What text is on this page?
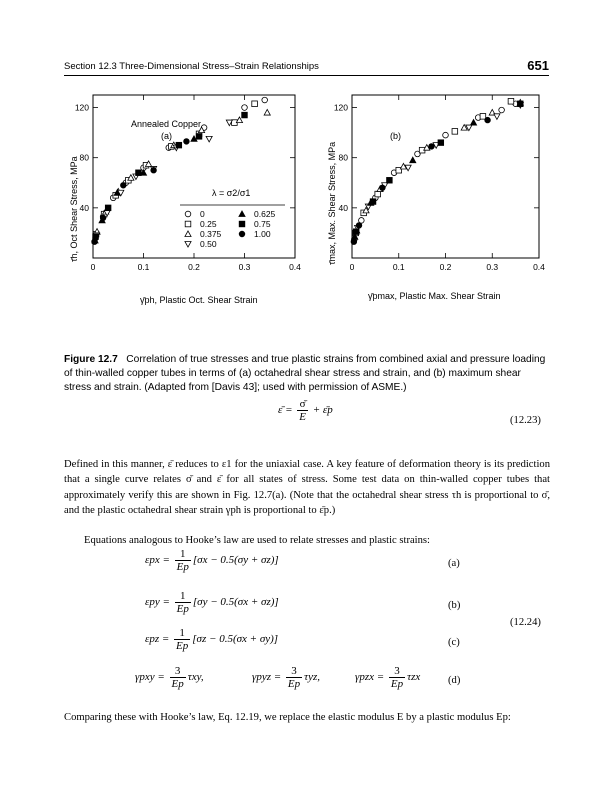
Section 12.3 Three-Dimensional Stress–Strain Relationships	651
0	0.1	0.2	0.3	0.4
40
80
120
Annealed Copper
(a)
γ̄ph, Plastic Oct. Shear Strain
τ̄h, Oct Shear Stress, MPa	λ = σ2/σ1
0
0.25
0.375
0.50
0.625
0.75
1.00
0	0.1	0.2	0.3	0.4
40
80
120
(b)
γ̄pmax, Plastic Max. Shear Strain
τ̄max, Max. Shear Stress, MPa
Figure 12.7 Correlation of true stresses and true plastic strains from combined axial and pressure loading of thin-walled copper tubes in terms of (a) octahedral shear stress and strain, and (b) maximum shear stress and strain. (Adapted from [Davis 43]; used with permission of ASME.)
ε̄ = $\frac{\sigmā}{E}$ + ε̄p
(12.23)
Defined in this manner, ε̄ reduces to ε1 for the uniaxial case. A key feature of deformation theory is its prediction that a single curve relates σ̄ and ε̄ for all states of stress. Some test data on thin-walled copper tubes that approximately verify this are shown in Fig. 12.7(a). (Note that the octahedral shear stress τh is proportional to σ̄, and the plastic octahedral shear strain γph is proportional to ε̄p.)
Equations analogous to Hooke’s law are used to relate stresses and plastic strains:
$\varepsilon px = \frac{1}{Ep} [\sigma x - 0.5(\sigma y + \sigma z)]$	(a)
$\varepsilon py = \frac{1}{Ep} [\sigma y - 0.5(\sigma x + \sigma z)]$	(b)
(12.24)
$\varepsilon pz = \frac{1}{Ep} [\sigma z - 0.5(\sigma x + \sigma y)]$	(c)
$\gamma pxy = \frac{3}{Ep} \tau xy$,	$\gamma pyz = \frac{3}{Ep} \tau yz$,	$\gamma pzx = \frac{3}{Ep}$ τzx	(d)
Comparing these with Hooke’s law, Eq. 12.19, we replace the elastic modulus E by a plastic modulus Ep:
